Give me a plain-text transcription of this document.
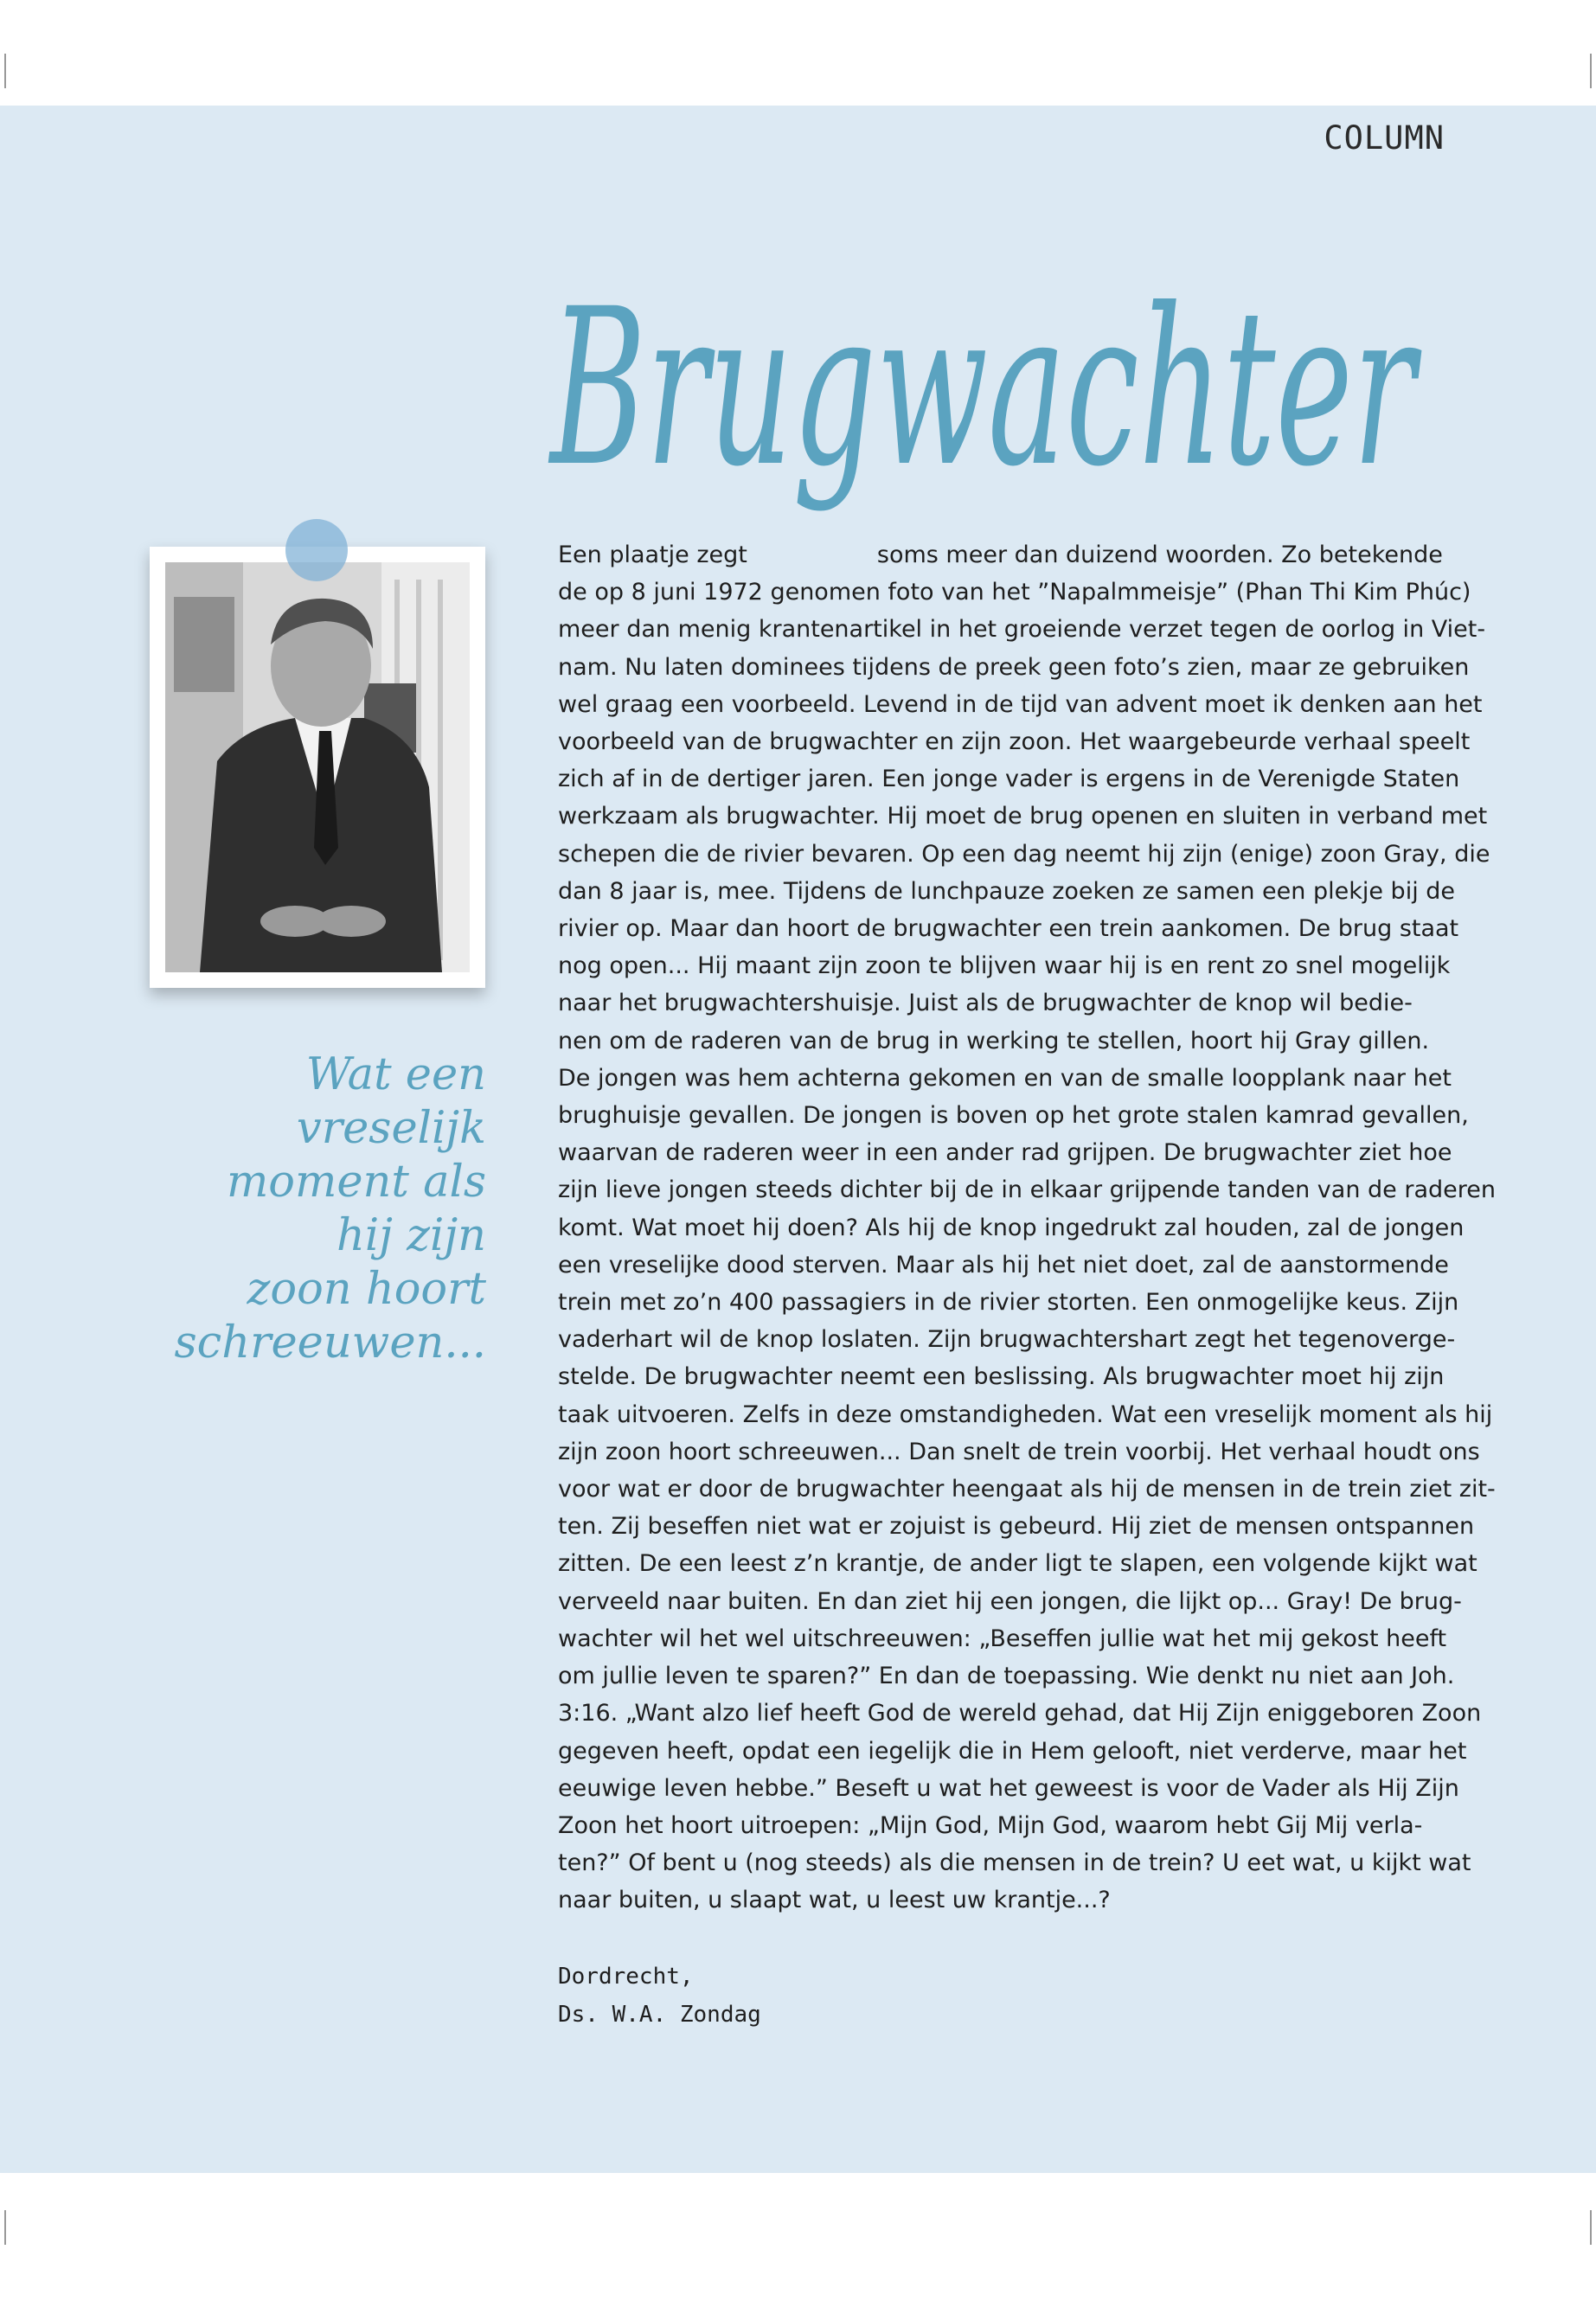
COLUMN
Brugwachter
Wat een
vreselijk
moment als
hij zijn
zoon hoort
schreeuwen...
Een plaatje zegt	soms meer dan duizend woorden. Zo betekende
de op 8 juni 1972 genomen foto van het ”Napalmmeisje” (Phan Thi Kim Phúc)
meer dan menig krantenartikel in het groeiende verzet tegen de oorlog in Viet-
nam. Nu laten dominees tijdens de preek geen foto’s zien, maar ze gebruiken
wel graag een voorbeeld. Levend in de tijd van advent moet ik denken aan het
voorbeeld van de brugwachter en zijn zoon. Het waargebeurde verhaal speelt
zich af in de dertiger jaren. Een jonge vader is ergens in de Verenigde Staten
werkzaam als brugwachter. Hij moet de brug openen en sluiten in verband met
schepen die de rivier bevaren. Op een dag neemt hij zijn (enige) zoon Gray, die
dan 8 jaar is, mee. Tijdens de lunchpauze zoeken ze samen een plekje bij de
rivier op. Maar dan hoort de brugwachter een trein aankomen. De brug staat
nog open... Hij maant zijn zoon te blijven waar hij is en rent zo snel mogelijk
naar het brugwachtershuisje. Juist als de brugwachter de knop wil bedie-
nen om de raderen van de brug in werking te stellen, hoort hij Gray gillen.
De jongen was hem achterna gekomen en van de smalle loopplank naar het
brughuisje gevallen. De jongen is boven op het grote stalen kamrad gevallen,
waarvan de raderen weer in een ander rad grijpen. De brugwachter ziet hoe
zijn lieve jongen steeds dichter bij de in elkaar grijpende tanden van de raderen
komt. Wat moet hij doen? Als hij de knop ingedrukt zal houden, zal de jongen
een vreselijke dood sterven. Maar als hij het niet doet, zal de aanstormende
trein met zo’n 400 passagiers in de rivier storten. Een onmogelijke keus. Zijn
vaderhart wil de knop loslaten. Zijn brugwachtershart zegt het tegenoverge-
stelde. De brugwachter neemt een beslissing. Als brugwachter moet hij zijn
taak uitvoeren. Zelfs in deze omstandigheden. Wat een vreselijk moment als hij
zijn zoon hoort schreeuwen... Dan snelt de trein voorbij. Het verhaal houdt ons
voor wat er door de brugwachter heengaat als hij de mensen in de trein ziet zit-
ten. Zij beseffen niet wat er zojuist is gebeurd. Hij ziet de mensen ontspannen
zitten. De een leest z’n krantje, de ander ligt te slapen, een volgende kijkt wat
verveeld naar buiten. En dan ziet hij een jongen, die lijkt op... Gray! De brug-
wachter wil het wel uitschreeuwen: „Beseffen jullie wat het mij gekost heeft
om jullie leven te sparen?” En dan de toepassing. Wie denkt nu niet aan Joh.
3:16. „Want alzo lief heeft God de wereld gehad, dat Hij Zijn eniggeboren Zoon
gegeven heeft, opdat een iegelijk die in Hem gelooft, niet verderve, maar het
eeuwige leven hebbe.” Beseft u wat het geweest is voor de Vader als Hij Zijn
Zoon het hoort uitroepen: „Mijn God, Mijn God, waarom hebt Gij Mij verla-
ten?” Of bent u (nog steeds) als die mensen in de trein? U eet wat, u kijkt wat
naar buiten, u slaapt wat, u leest uw krantje...?
Dordrecht,
Ds. W.A. Zondag
